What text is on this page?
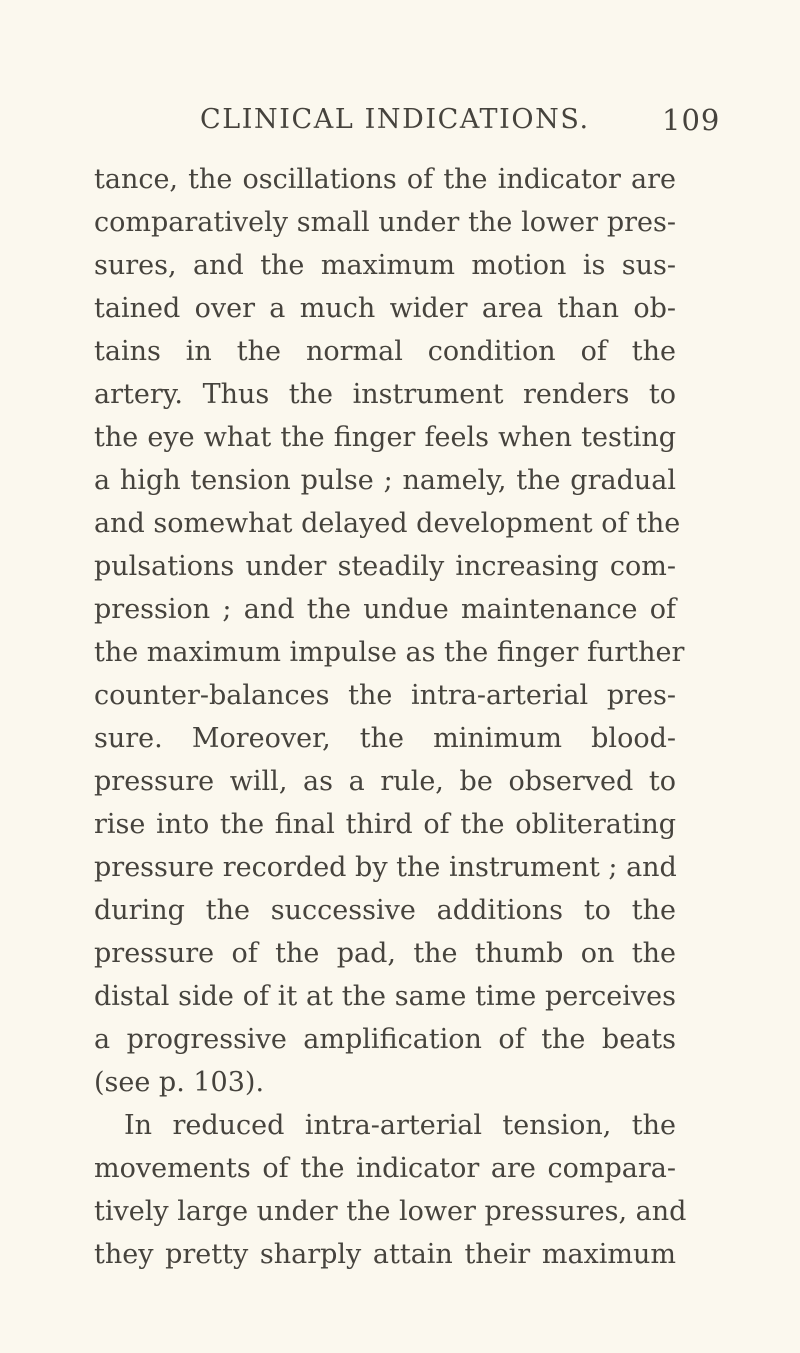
CLINICAL INDICATIONS. 109
tance, the oscillations of the indicator are
comparatively small under the lower pres-
sures, and the maximum motion is sus-
tained over a much wider area than ob-
tains in the normal condition of the
artery. Thus the instrument renders to
the eye what the finger feels when testing
a high tension pulse ; namely, the gradual
and somewhat delayed development of the
pulsations under steadily increasing com-
pression ; and the undue maintenance of
the maximum impulse as the finger further
counter-balances the intra-arterial pres-
sure. Moreover, the minimum blood-
pressure will, as a rule, be observed to
rise into the final third of the obliterating
pressure recorded by the instrument ; and
during the successive additions to the
pressure of the pad, the thumb on the
distal side of it at the same time perceives
a progressive amplification of the beats
(see p. 103).
In reduced intra-arterial tension, the
movements of the indicator are compara-
tively large under the lower pressures, and
they pretty sharply attain their maximum
